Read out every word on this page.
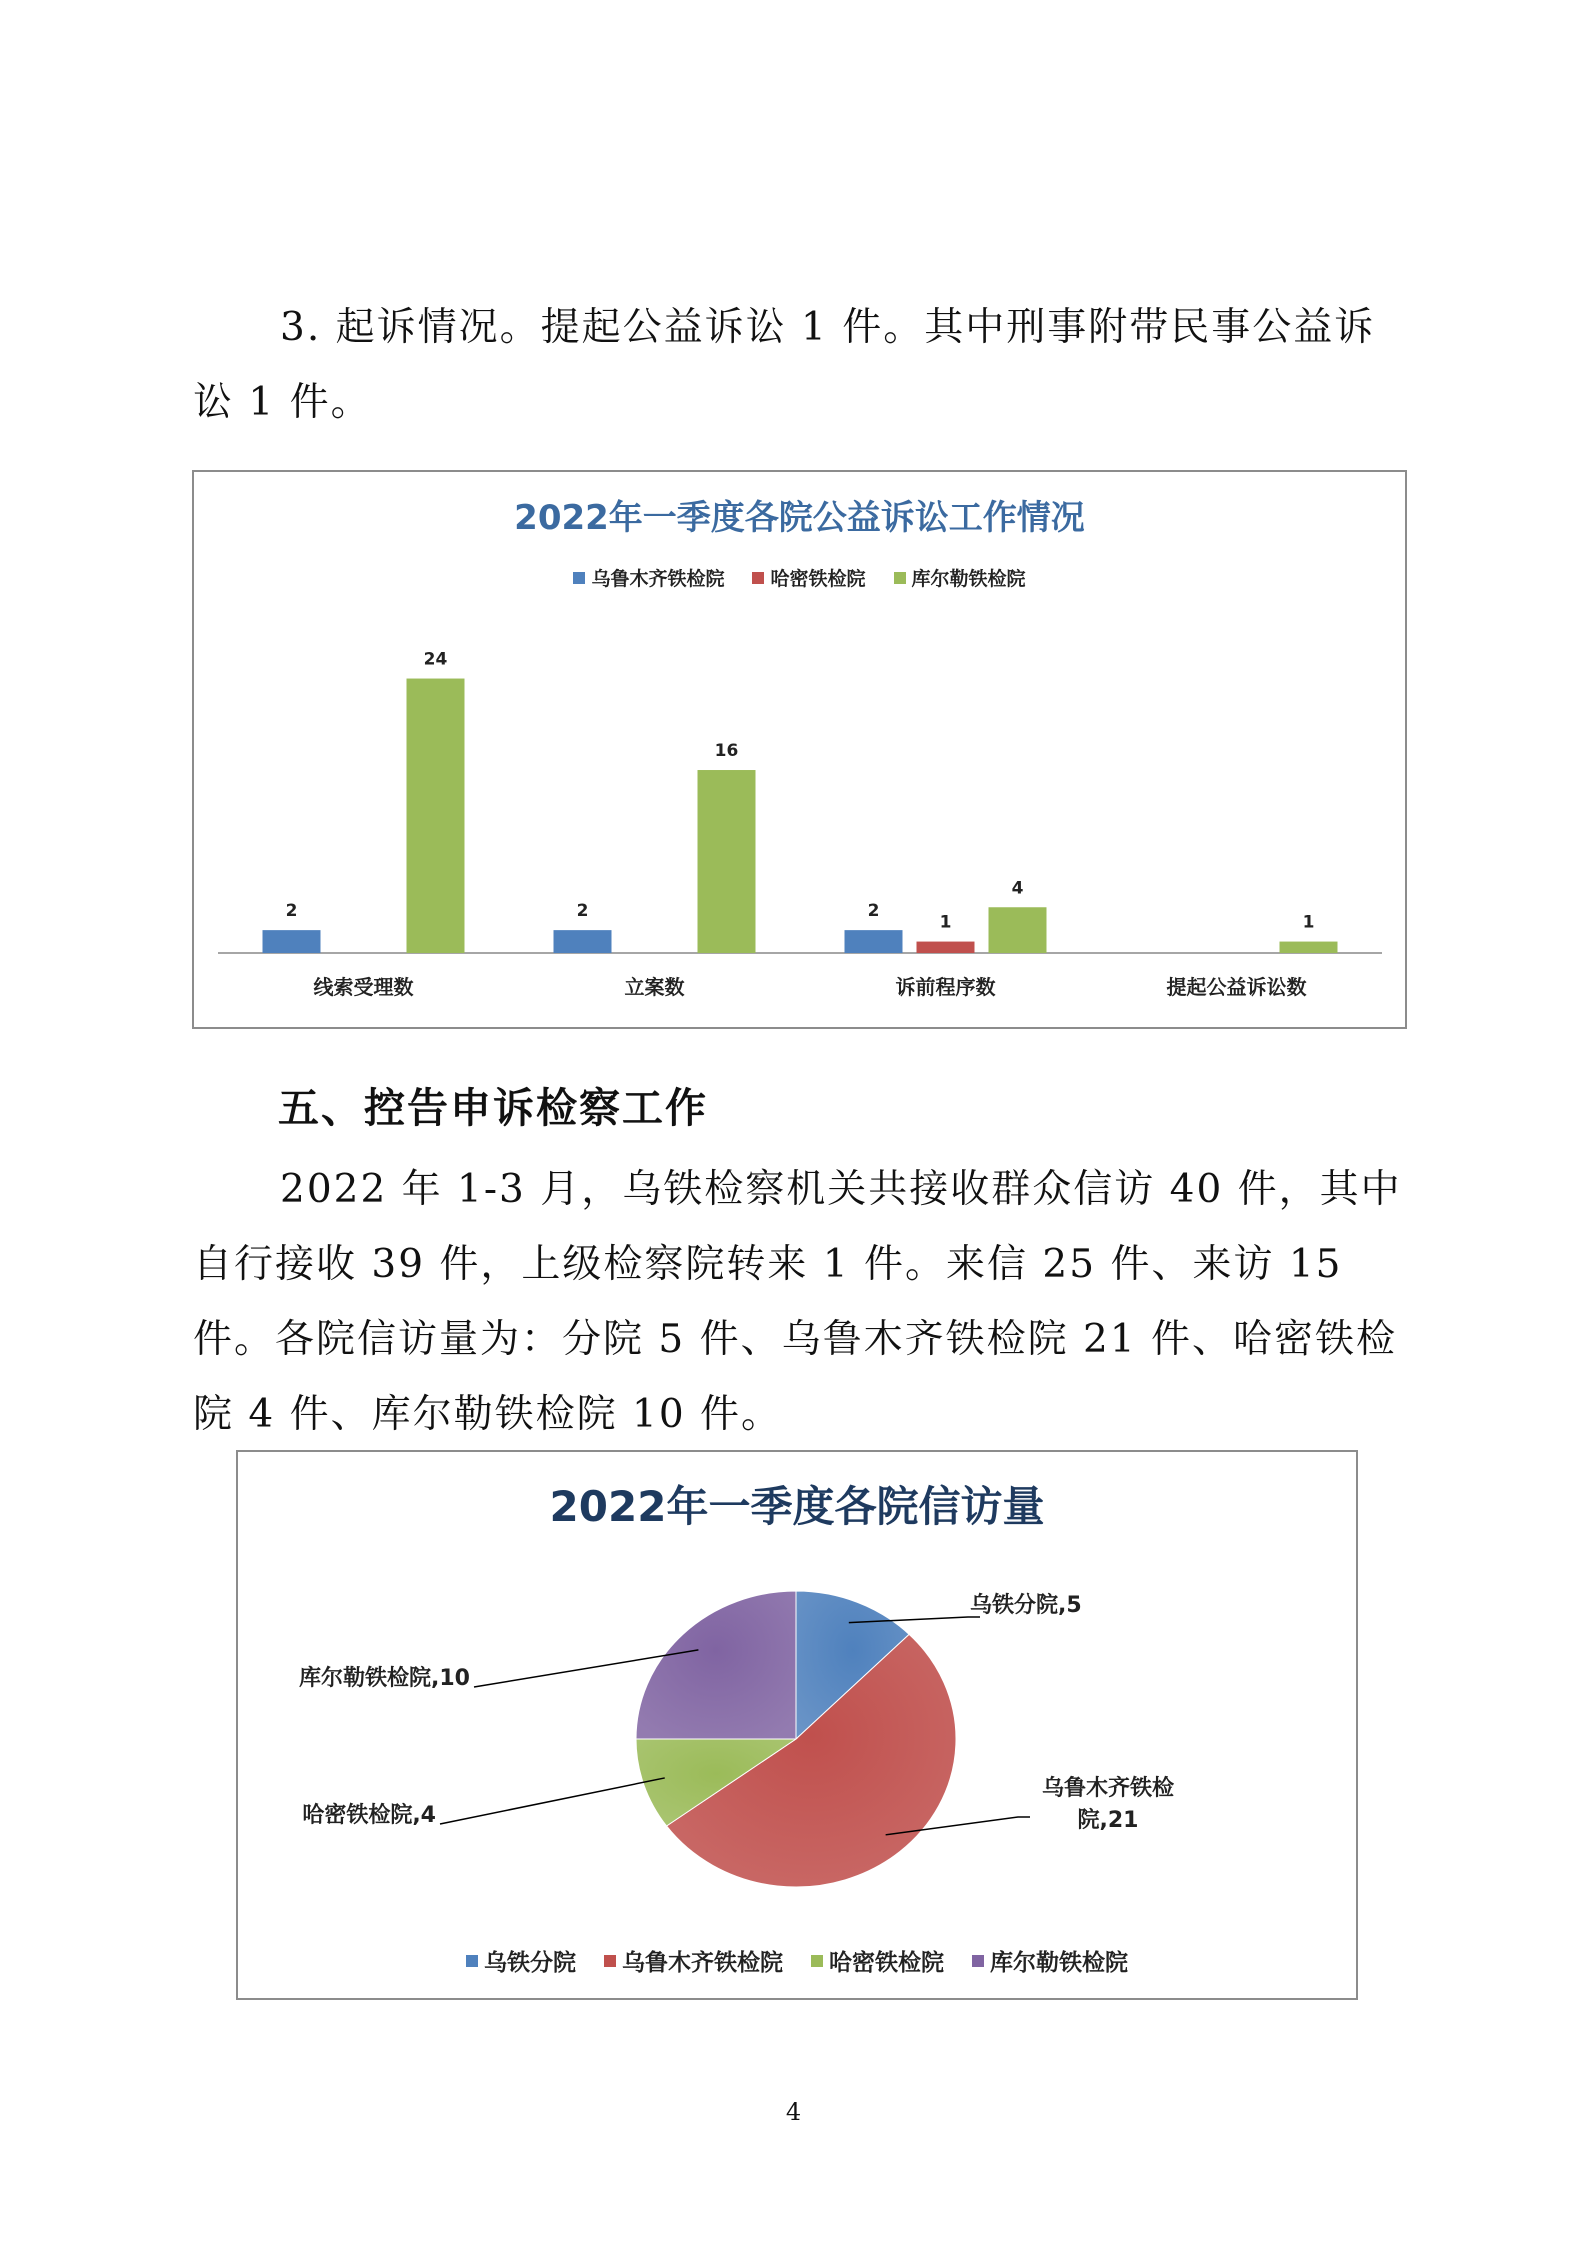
3. 起诉情况。提起公益诉讼 1 件。其中刑事附带民事公益诉讼 1 件。

2022年一季度各院公益诉讼工作情况

乌鲁木齐铁检院 哈密铁检院 库尔勒铁检院
2
24
线索受理数
2
16
立案数
2
1
4
诉前程序数
1
提起公益诉讼数

五、控告申诉检察工作

2022 年 1-3 月，乌铁检察机关共接收群众信访 40 件，其中自行接收 39 件，上级检察院转来 1 件。来信 25 件、来访 15 件。各院信访量为：分院 5 件、乌鲁木齐铁检院 21 件、哈密铁检院 4 件、库尔勒铁检院 10 件。

2022年一季度各院信访量

乌铁分院,5
乌鲁木齐铁检院,21
哈密铁检院,4
库尔勒铁检院,10
乌铁分院 乌鲁木齐铁检院 哈密铁检院 库尔勒铁检院

4
